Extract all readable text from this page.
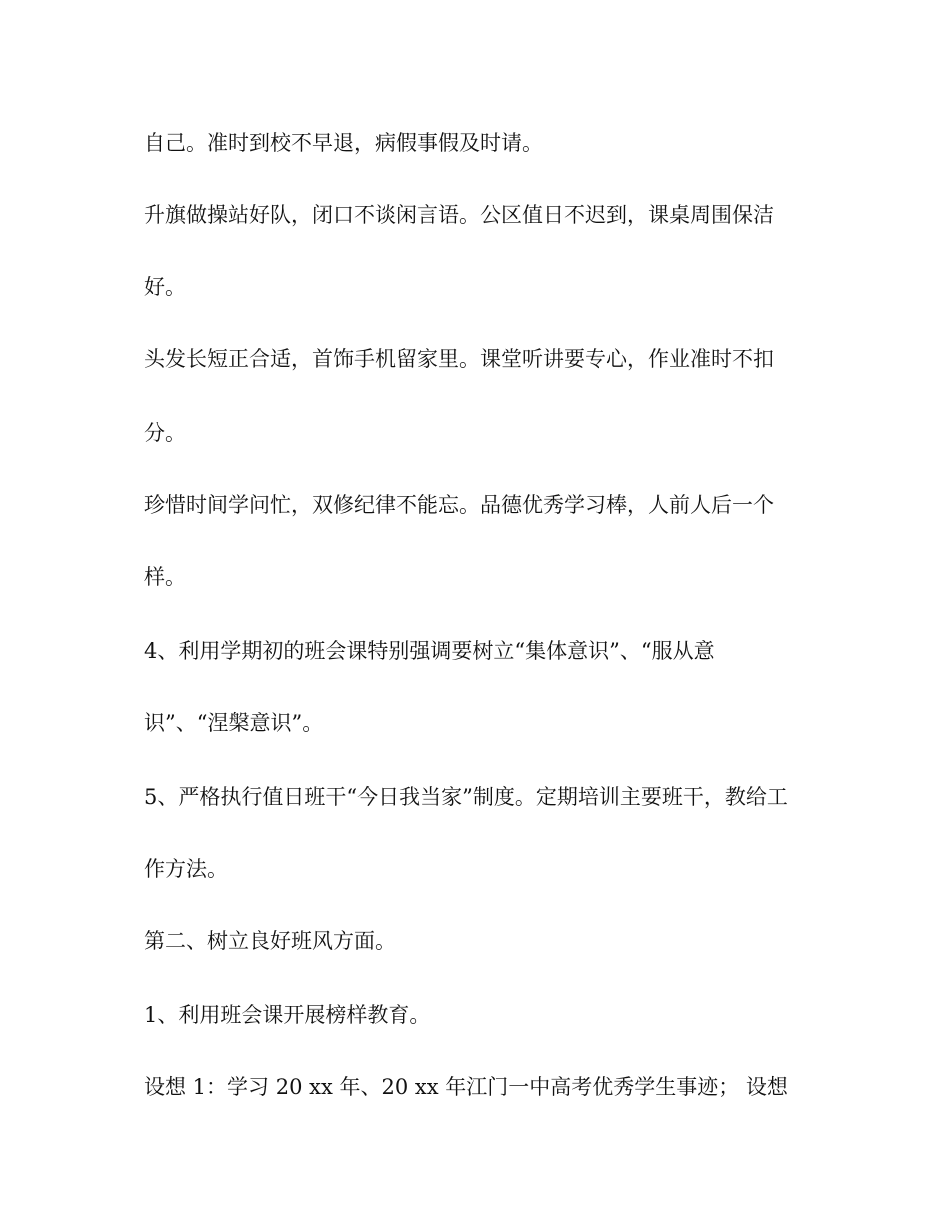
自己。准时到校不早退，病假事假及时请。

升旗做操站好队，闭口不谈闲言语。公区值日不迟到，课桌周围保洁

好。

头发长短正合适，首饰手机留家里。课堂听讲要专心，作业准时不扣

分。

珍惜时间学问忙，双修纪律不能忘。品德优秀学习棒，人前人后一个

样。

4、利用学期初的班会课特别强调要树立“集体意识”、“服从意

识”、“涅槃意识”。

5、严格执行值日班干“今日我当家”制度。定期培训主要班干，教给工

作方法。

第二、树立良好班风方面。

1、利用班会课开展榜样教育。

设想 1：学习 20 xx 年、20 xx 年江门一中高考优秀学生事迹； 设想
